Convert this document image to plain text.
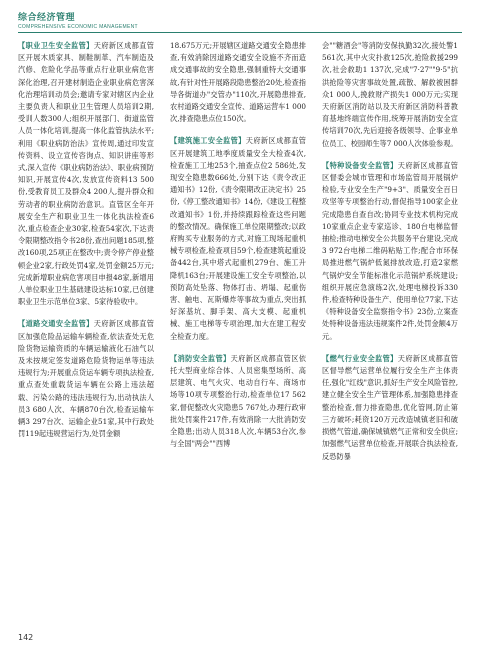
综合经济管理
COMPREHENSIVE ECONOMIC MANAGEMENT

【职业卫生安全监管】天府新区成都直管区开展木质家具、制鞋制革、汽车制造及汽修、危险化学品等重点行业职业病危害深化治理,召开建材制造企业职业病危害深化治理培训动员会;邀请专家对辖区内企业主要负责人和职业卫生管理人员培训2期,受训人数300人;组织开展部门、街道监管人员一体化培训,提高一体化监管执法水平;利用《职业病防治法》宣传周,通过印发宣传资料、设立宣传咨询点、知识讲座等形式,深入宣传《职业病防治法》、职业病预防知识,开展宣传4次,发放宣传资料13 500份,受教育员工及群众4 200人,提升群众和劳动者的职业病防治意识。直管区全年开展安全生产和职业卫生一体化执法检查6次,重点检查企业30家,检查54家次,下达责令限期整改指令书28份,查出问题185项,整改160项,25项正在整改中;责令停产停业整顿企业2家,行政处罚4家,处罚金额25万元;完成新增职业病危害项目申报48家,新增用人单位职业卫生基础建设达标10家,已创建职业卫生示范单位3家、5家待验收中。

【道路交通安全监管】天府新区成都直管区加强危险品运输车辆检查,依法查处无危险货物运输资质的车辆运输液化石油气以及未按规定签发道路危险货物运单等违法违规行为;开展重点货运车辆专项执法检查,重点查处重载货运车辆在公路上违法超载、污染公路的违法违规行为,出动执法人员3 680人次、车辆870台次,检查运输车辆3 297台次、运输企业51家,其中行政处罚119起违规营运行为,处罚金额

18.675万元;开展辖区道路交通安全隐患排查,有效消除因道路交通安全设施不齐而造成交通事故的安全隐患,强制重特大交通事故,有针对性开展路段隐患整治20处,检查指导各街道办"交管办"110次,开展隐患排查,农村道路交通安全宣传、道路运营车1 000次,排查隐患点位150次。

【建筑施工安全监管】天府新区成都直管区开展建筑工地季度质量安全大检查4次,检查施工工地253个,抽查点位2 586处,发现安全隐患数666处,分别下达《责令改正通知书》12份,《责令限期改正决定书》25份,《停工整改通知书》14份,《建设工程整改通知书》1份,并持续跟踪检查这些问题的整改情况。确保施工单位限期整改;以政府购买专业服务的方式,对施工现场起重机械专项检查,检查项目59个,检查建筑起重设备442台,其中塔式起重机279台、施工升降机163台;开展建设施工安全专项整治,以预防高处坠落、物体打击、坍塌、起重伤害、触电、瓦斯爆炸等事故为重点,突出抓好深基坑、脚手架、高大支模、起重机械、施工电梯等专项治理,加大在建工程安全检查力度。

【消防安全监管】天府新区成都直管区依托大型商业综合体、人员密集型场所、高层建筑、电气火灾、电动自行车、商场市场等10项专项整治行动,检查单位17 562家,督促整改火灾隐患5 767处,办理行政审批处罚案件217件,有效消除一大批消防安全隐患;出动人员318人次,车辆53台次,参与全国"两会""西博

会""糖酒会"等消防安保执勤32次,接处警1 561次,其中火灾扑救125次,抢险救援299次,社会救助1 137次,完成"7·27""9·5"抗洪抢险等灾害事故处置,疏散、解救被困群众1 000人,挽救财产损失1 000万元;实现天府新区消防站以及天府新区消防科普教育基地终端宣传作用,统筹开展消防安全宣传培训70次,先后迎接各级领导、企事业单位员工、校园师生等7 000人次体验参观。

【特种设备安全监管】天府新区成都直管区督委会城市管理和市场监管局开展锅炉检验,专业安全生产"9+3"、质量安全百日攻坚等专项整治行动,督促指导100家企业完成隐患自查自改;协同专业技术机构完成10家重点企业专家巡诊、180台电梯监督抽检;推动电梯安全公共服务平台建设,完成3 972台电梯二维码粘贴工作;配合市环保局推进燃气锅炉低氮排放改造,打造2家燃气锅炉安全节能标准化示范锅炉系统建设;组织开展应急演练2次,处理电梯投诉330件,检查特种设备生产、使用单位77家,下达《特种设备安全监察指令书》23份,立案查处特种设备违法违规案件2件,处罚金额4万元。

【燃气行业安全监管】天府新区成都直管区督导燃气运营单位履行安全生产主体责任,强化"红线"意识,抓好生产安全风险管控,建立健全安全生产管理体系,加强隐患排查整治检查,督力排查隐患,优化管网,防止第三方破坏;耗资120万元改造城镇老旧和破损燃气管道,确保城镇燃气正常和安全供应;加强燃气运营单位检查,开展联合执法检查,反恐防暴

142
